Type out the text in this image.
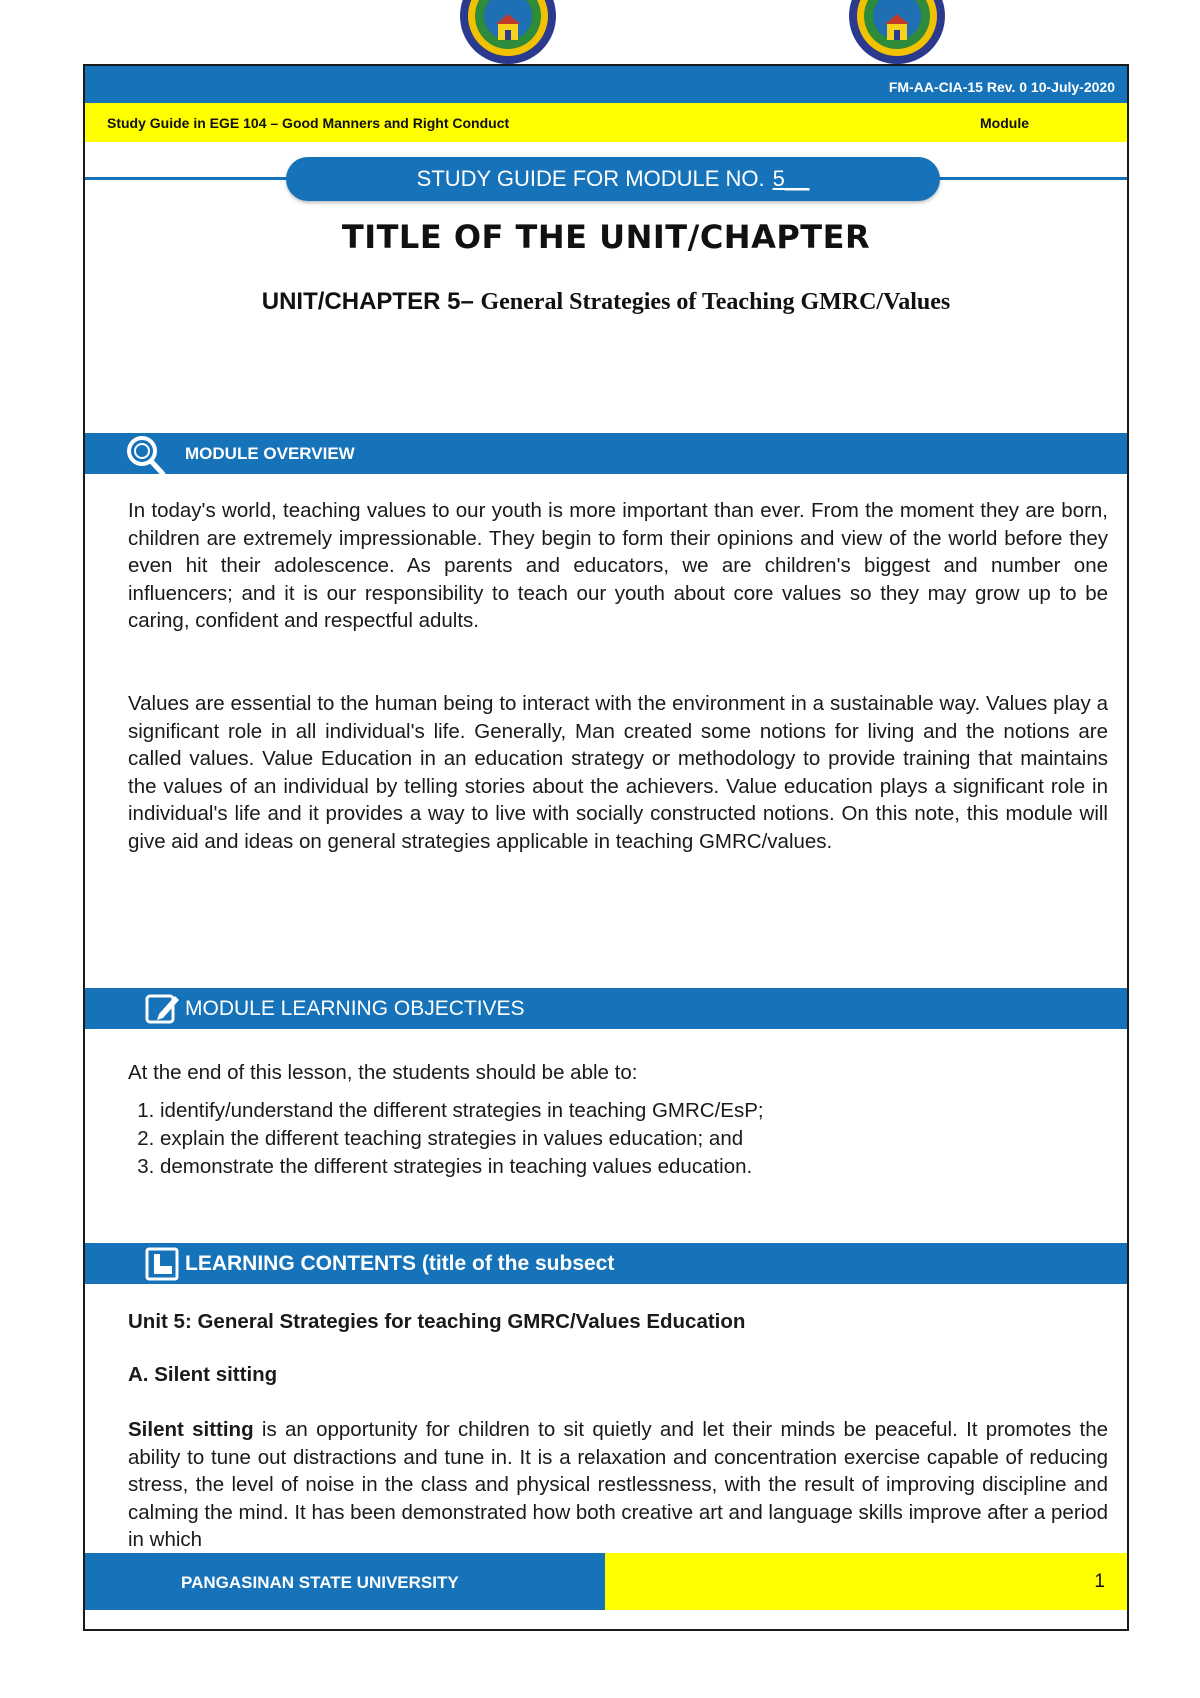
FM-AA-CIA-15 Rev. 0 10-July-2020
Study Guide in EGE 104 – Good Manners and Right Conduct	Module
STUDY GUIDE FOR MODULE NO. 5__
TITLE OF THE UNIT/CHAPTER
UNIT/CHAPTER 5– General Strategies of Teaching GMRC/Values
MODULE OVERVIEW

In today's world, teaching values to our youth is more important than ever. From the moment they are born, children are extremely impressionable. They begin to form their opinions and view of the world before they even hit their adolescence. As parents and educators, we are children's biggest and number one influencers; and it is our responsibility to teach our youth about core values so they may grow up to be caring, confident and respectful adults.

Values are essential to the human being to interact with the environment in a sustainable way. Values play a significant role in all individual's life. Generally, Man created some notions for living and the notions are called values. Value Education in an education strategy or methodology to provide training that maintains the values of an individual by telling stories about the achievers. Value education plays a significant role in individual's life and it provides a way to live with socially constructed notions. On this note, this module will give aid and ideas on general strategies applicable in teaching GMRC/values.

MODULE LEARNING OBJECTIVES

At the end of this lesson, the students should be able to:

1. identify/understand the different strategies in teaching GMRC/EsP;
2. explain the different teaching strategies in values education; and
3. demonstrate the different strategies in teaching values education.
LEARNING CONTENTS (title of the subsect

Unit 5: General Strategies for teaching GMRC/Values Education

A. Silent sitting

Silent sitting is an opportunity for children to sit quietly and let their minds be peaceful. It promotes the ability to tune out distractions and tune in. It is a relaxation and concentration exercise capable of reducing stress, the level of noise in the class and physical restlessness, with the result of improving discipline and calming the mind. It has been demonstrated how both creative art and language skills improve after a period in which

PANGASINAN STATE UNIVERSITY	1
